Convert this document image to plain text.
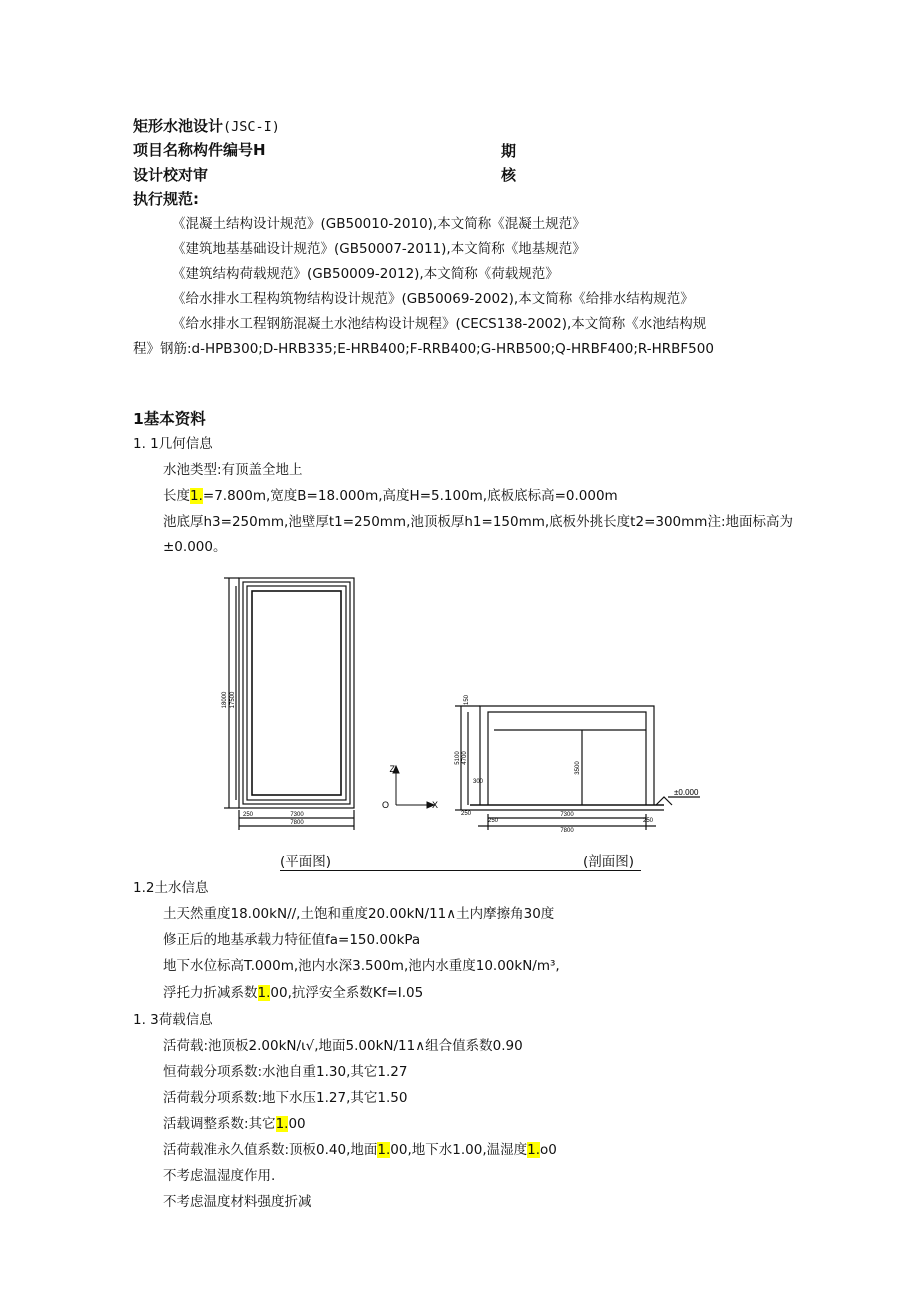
矩形水池设计(JSC-I)
项目名称构件编号H	期
设计校对审	核
执行规范:
《混凝土结构设计规范》(GB50010-2010),本文简称《混凝土规范》
《建筑地基基础设计规范》(GB50007-2011),本文简称《地基规范》
《建筑结构荷载规范》(GB50009-2012),本文简称《荷载规范》
《给水排水工程构筑物结构设计规范》(GB50069-2002),本文简称《给排水结构规范》
《给水排水工程钢筋混凝土水池结构设计规程》(CECS138-2002),本文简称《水池结构规
程》钢筋:d-HPB300;D-HRB335;E-HRB400;F-RRB400;G-HRB500;Q-HRBF400;R-HRBF500
1基本资料
1. 1几何信息
水池类型:有顶盖全地上
长度1.=7.800m,宽度B=18.000m,高度H=5.100m,底板底标高=0.000m
池底厚h3=250mm,池壁厚t1=250mm,池顶板厚h1=150mm,底板外挑长度t2=300mm注:地面标高为
±0.000。
18000 17500
7300
7800
250
Z
X
O
150
5100 4700
300
250
3500
7300
7800
250	250
±0.000
(平面图)	(剖面图)
1.2土水信息
土天然重度18.00kN//,土饱和重度20.00kN/11∧土内摩擦角30度
修正后的地基承载力特征值fa=150.00kPa
地下水位标高T.000m,池内水深3.500m,池内水重度10.00kN/m³,
浮托力折减系数1.00,抗浮安全系数Kf=I.05
1. 3荷载信息
活荷载:池顶板2.00kN/ι√,地面5.00kN/11∧组合值系数0.90
恒荷载分项系数:水池自重1.30,其它1.27
活荷载分项系数:地下水压1.27,其它1.50
活载调整系数:其它1.00
活荷载准永久值系数:顶板0.40,地面1.00,地下水1.00,温湿度1.o0
不考虑温湿度作用.
不考虑温度材料强度折减
